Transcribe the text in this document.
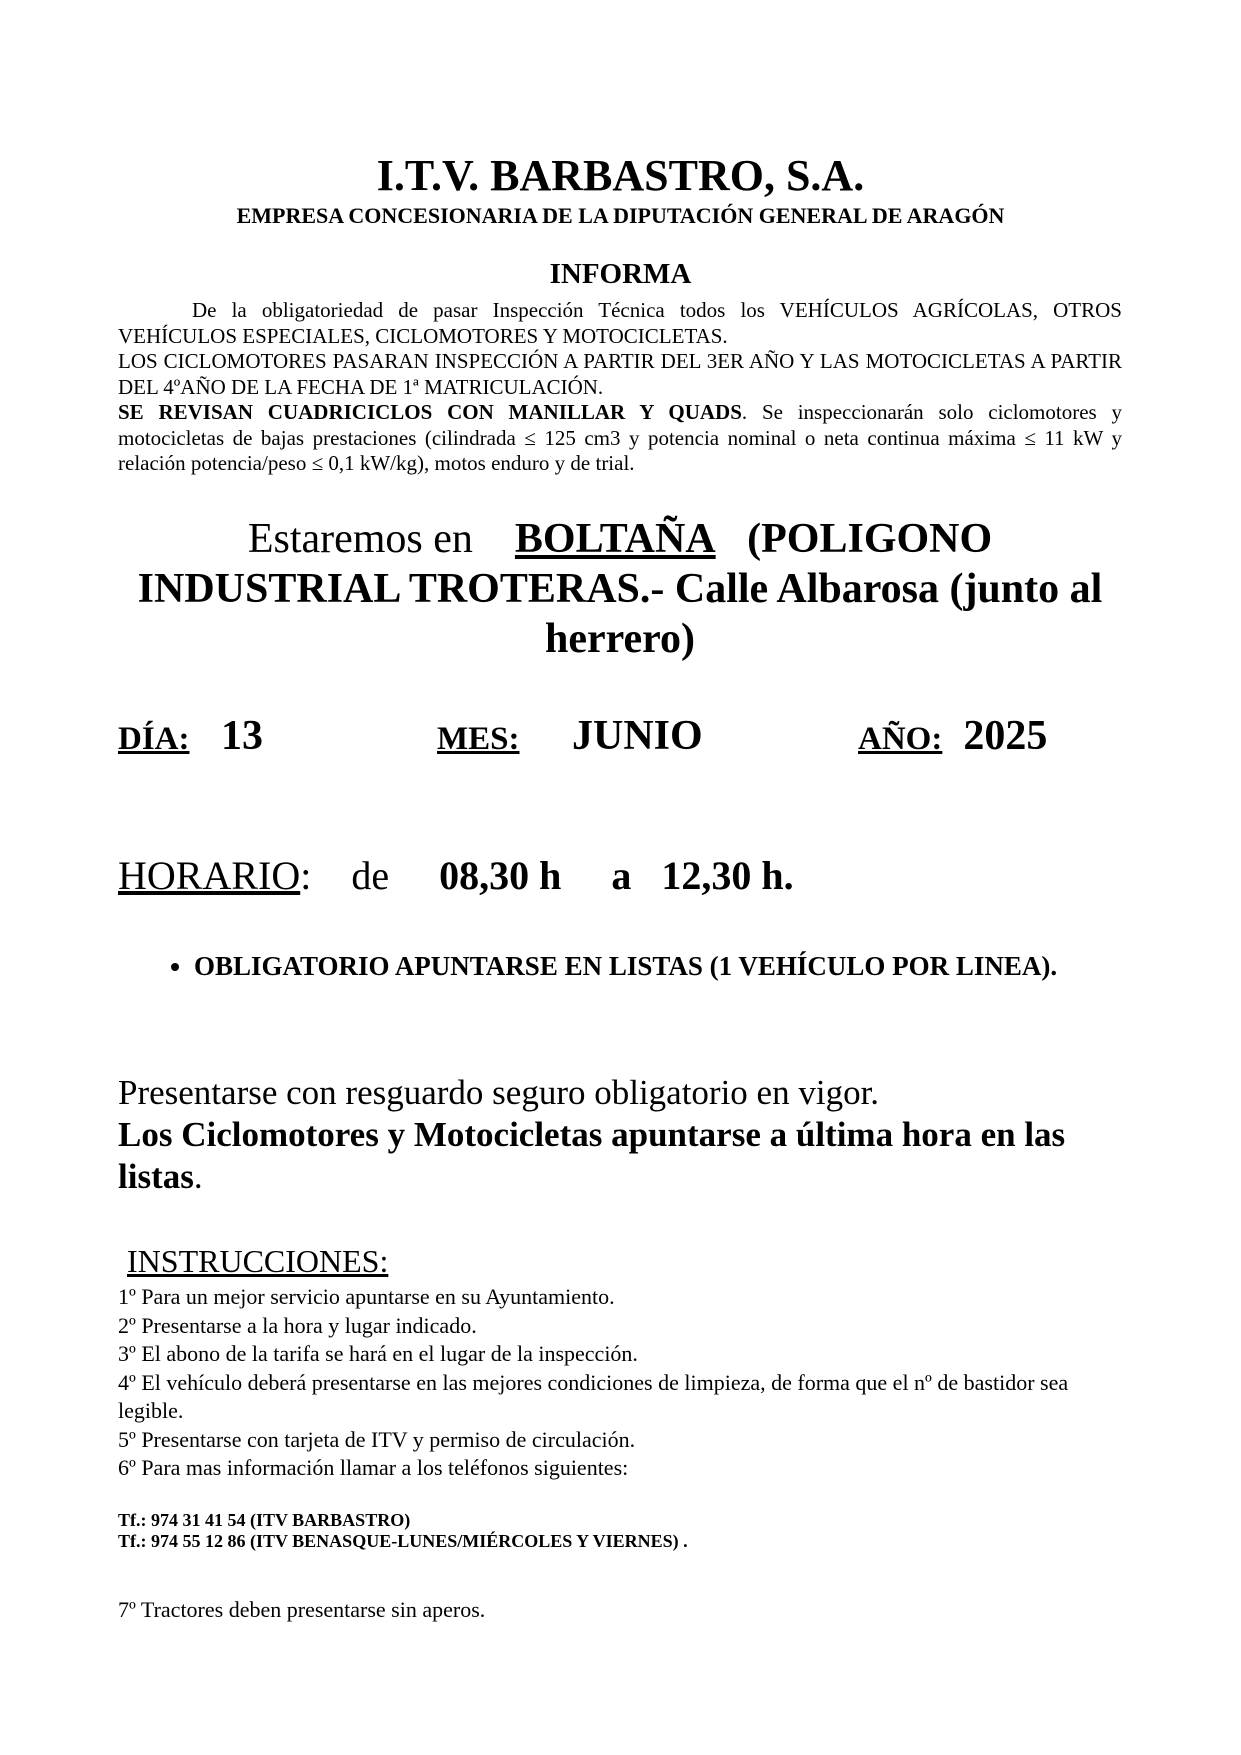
I.T.V. BARBASTRO, S.A.
EMPRESA CONCESIONARIA DE LA DIPUTACIÓN GENERAL DE ARAGÓN
INFORMA

De la obligatoriedad de pasar Inspección Técnica todos los VEHÍCULOS AGRÍCOLAS, OTROS VEHÍCULOS ESPECIALES, CICLOMOTORES Y MOTOCICLETAS.

LOS CICLOMOTORES PASARAN INSPECCIÓN A PARTIR DEL 3ER AÑO Y LAS MOTOCICLETAS A PARTIR DEL 4ºAÑO DE LA FECHA DE 1ª MATRICULACIÓN.

SE REVISAN CUADRICICLOS CON MANILLAR Y QUADS. Se inspeccionarán solo ciclomotores y motocicletas de bajas prestaciones (cilindrada ≤ 125 cm3 y potencia nominal o neta continua máxima ≤ 11 kW y relación potencia/peso ≤ 0,1 kW/kg), motos enduro y de trial.

Estaremos en BOLTAÑA (POLIGONO
INDUSTRIAL TROTERAS.- Calle Albarosa (junto al
herrero)
DÍA: 13	MES: JUNIO	AÑO: 2025
HORARIO: de 08,30 h a 12,30 h.
• OBLIGATORIO APUNTARSE EN LISTAS (1 VEHÍCULO POR LINEA).
Presentarse con resguardo seguro obligatorio en vigor.
Los Ciclomotores y Motocicletas apuntarse a última hora en las listas.
INSTRUCCIONES:

1º Para un mejor servicio apuntarse en su Ayuntamiento.

2º Presentarse a la hora y lugar indicado.

3º El abono de la tarifa se hará en el lugar de la inspección.

4º El vehículo deberá presentarse en las mejores condiciones de limpieza, de forma que el nº de bastidor sea legible.

5º Presentarse con tarjeta de ITV y permiso de circulación.

6º Para mas información llamar a los teléfonos siguientes:

Tf.: 974 31 41 54 (ITV BARBASTRO)

Tf.: 974 55 12 86 (ITV BENASQUE-LUNES/MIÉRCOLES Y VIERNES) .

7º Tractores deben presentarse sin aperos.
